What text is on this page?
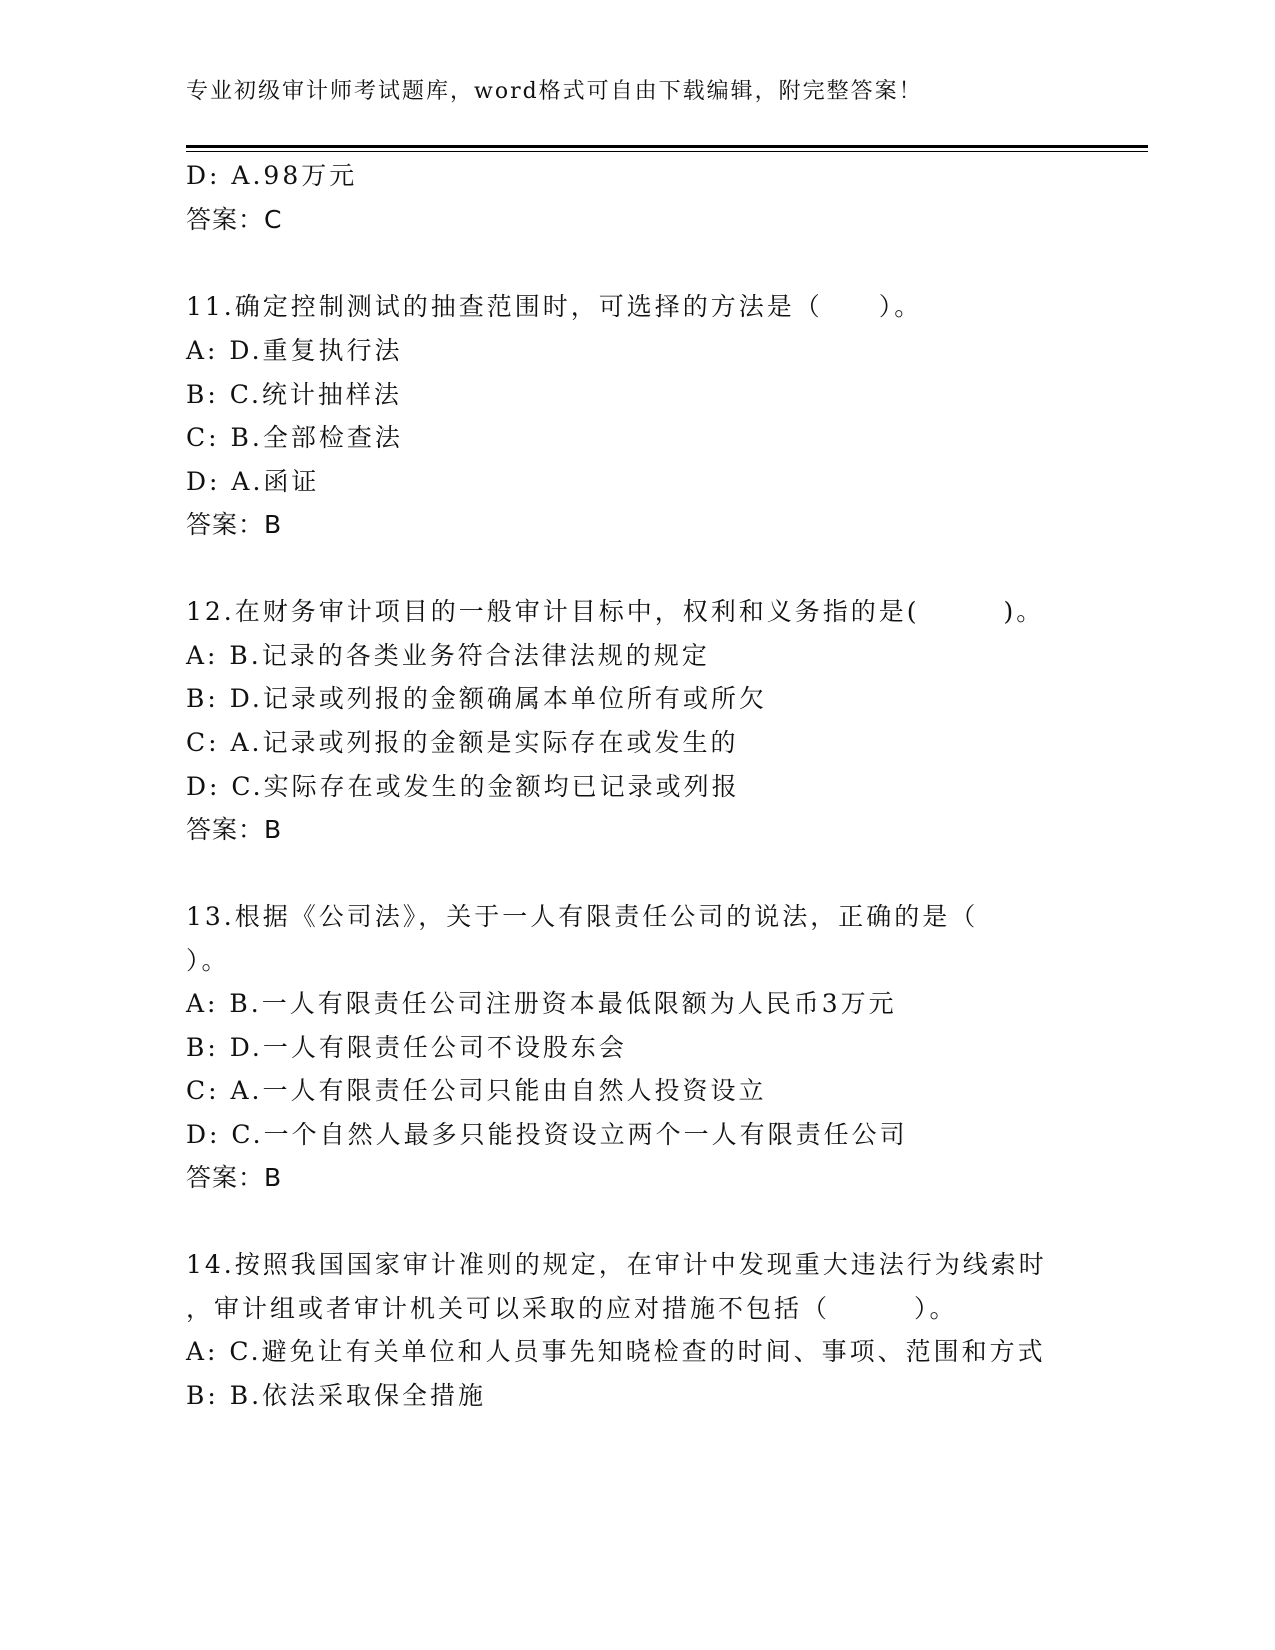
专业初级审计师考试题库，word格式可自由下载编辑，附完整答案！
D: A.98万元
答案：C
11.确定控制测试的抽查范围时，可选择的方法是（　　）。
A: D.重复执行法
B: C.统计抽样法
C: B.全部检查法
D: A.函证
答案：B
12.在财务审计项目的一般审计目标中，权利和义务指的是(　　　)。
A: B.记录的各类业务符合法律法规的规定
B: D.记录或列报的金额确属本单位所有或所欠
C: A.记录或列报的金额是实际存在或发生的
D: C.实际存在或发生的金额均已记录或列报
答案：B
13.根据《公司法》，关于一人有限责任公司的说法，正确的是（
）。
A: B.一人有限责任公司注册资本最低限额为人民币3万元
B: D.一人有限责任公司不设股东会
C: A.一人有限责任公司只能由自然人投资设立
D: C.一个自然人最多只能投资设立两个一人有限责任公司
答案：B
14.按照我国国家审计准则的规定，在审计中发现重大违法行为线索时
，审计组或者审计机关可以采取的应对措施不包括（　　　）。
A: C.避免让有关单位和人员事先知晓检查的时间、事项、范围和方式
B: B.依法采取保全措施
